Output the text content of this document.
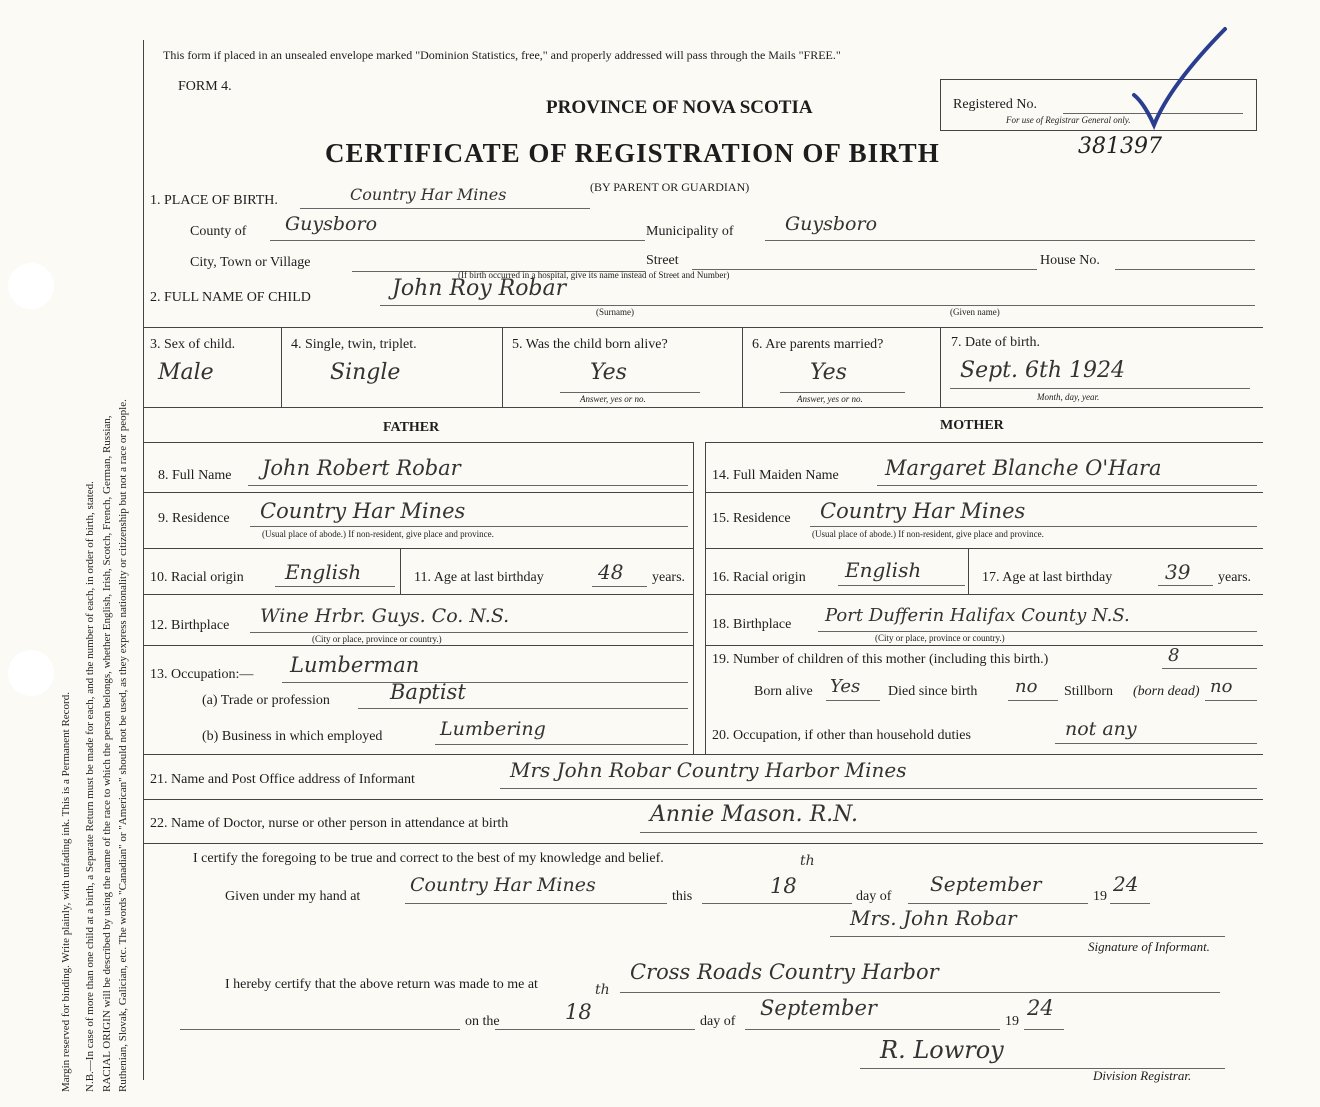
Margin reserved for binding. Write plainly, with unfading ink. This is a Permanent Record. N.B.—In case of more than one child at a birth, a Separate Return must be made for each, and the number of each, in order of birth, stated. RACIAL ORIGIN will be described by using the name of the race to which the person belongs, whether English, Irish, Scotch, French, German, Russian, Ruthenian, Slovak, Galician, etc. The words "Canadian" or "American" should not be used, as they express nationality or citizenship but not a race or people.
This form if placed in an unsealed envelope marked "Dominion Statistics, free," and properly addressed will pass through the Mails "FREE."
FORM 4.
PROVINCE OF NOVA SCOTIA
CERTIFICATE OF REGISTRATION OF BIRTH	381397
Registered No.
For use of Registrar General only.
1. PLACE OF BIRTH.	Country Har Mines	(BY PARENT OR GUARDIAN)
County of Guysboro	Municipality of	Guysboro
City, Town or Village	Street	House No.
(If birth occurred in a hospital, give its name instead of Street and Number)
2. FULL NAME OF CHILD	John Roy Robar
(Surname)	(Given name)
3. Sex of child.
Male
4. Single, twin, triplet.
Single
5. Was the child born alive?
Yes
Answer, yes or no.
6. Are parents married?
Yes
Answer, yes or no.
7. Date of birth.
Sept. 6th 1924
Month, day, year.
FATHER	MOTHER
8. Full Name John Robert Robar
9. Residence Country Har Mines
(Usual place of abode.) If non-resident, give place and province.
10. Racial origin English	11. Age at last birthday	48 years.
12. Birthplace Wine Hrbr. Guys. Co. N.S.
(City or place, province or country.)
13. Occupation:— Lumberman
(a) Trade or profession	Baptist
(b) Business in which employed	Lumbering
14. Full Maiden Name Margaret Blanche O'Hara
15. Residence Country Har Mines
(Usual place of abode.) If non-resident, give place and province.
16. Racial origin English	17. Age at last birthday	39 years.
18. Birthplace Port Dufferin Halifax County N.S.
(City or place, province or country.)
19. Number of children of this mother (including this birth.)	8
Born alive Yes Died since birth no Stillborn (born dead) no
20. Occupation, if other than household duties	not any
21. Name and Post Office address of Informant	Mrs John Robar Country Harbor Mines
22. Name of Doctor, nurse or other person in attendance at birth	Annie Mason. R.N.
I certify the foregoing to be true and correct to the best of my knowledge and belief.
Given under my hand at
Country Har Mines
this	18
th
day of
September
19
24
Mrs. John Robar
Signature of Informant.
I hereby certify that the above return was made to me at
Cross Roads Country Harbor
on the	18
th
day of
September
19
24
R. Lowroy
Division Registrar.
